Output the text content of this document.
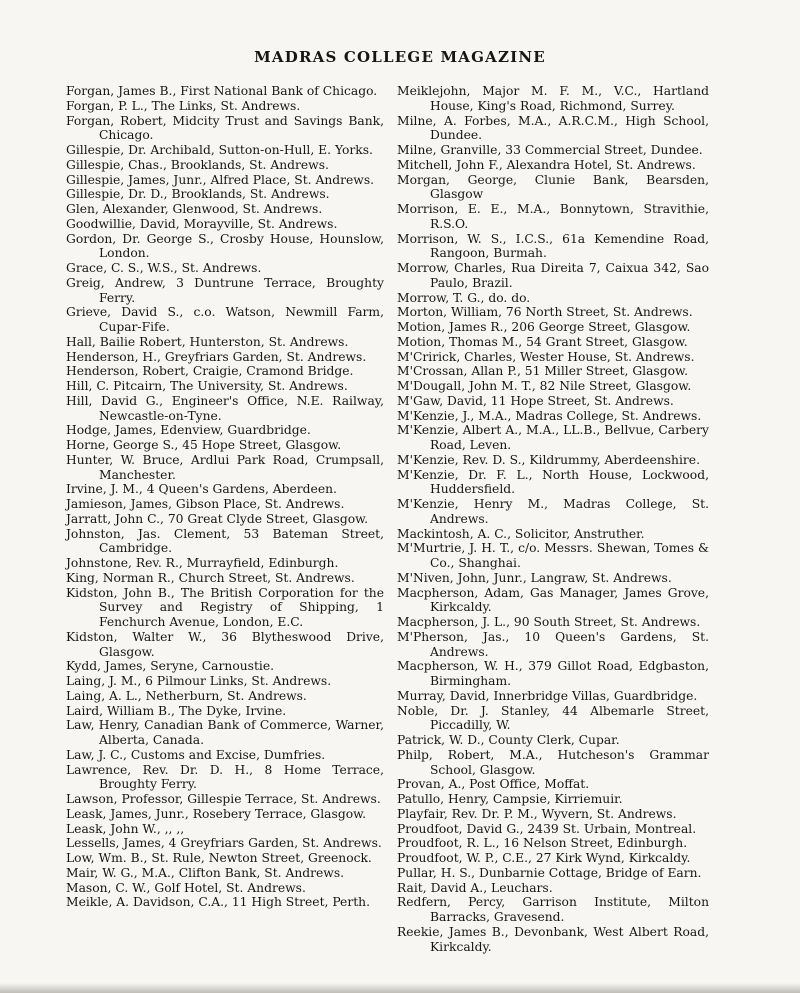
MADRAS COLLEGE MAGAZINE

Forgan, James B., First National Bank of Chicago.

Forgan, P. L., The Links, St. Andrews.

Forgan, Robert, Midcity Trust and Savings Bank, Chicago.

Gillespie, Dr. Archibald, Sutton-on-Hull, E. Yorks.

Gillespie, Chas., Brooklands, St. Andrews.

Gillespie, James, Junr., Alfred Place, St. Andrews.

Gillespie, Dr. D., Brooklands, St. Andrews.

Glen, Alexander, Glenwood, St. Andrews.

Goodwillie, David, Morayville, St. Andrews.

Gordon, Dr. George S., Crosby House, Hounslow, London.

Grace, C. S., W.S., St. Andrews.

Greig, Andrew, 3 Duntrune Terrace, Broughty Ferry.

Grieve, David S., c.o. Watson, Newmill Farm, Cupar-Fife.

Hall, Bailie Robert, Hunterston, St. Andrews.

Henderson, H., Greyfriars Garden, St. Andrews.

Henderson, Robert, Craigie, Cramond Bridge.

Hill, C. Pitcairn, The University, St. Andrews.

Hill, David G., Engineer's Office, N.E. Railway, Newcastle-on-Tyne.

Hodge, James, Edenview, Guardbridge.

Horne, George S., 45 Hope Street, Glasgow.

Hunter, W. Bruce, Ardlui Park Road, Crumpsall, Manchester.

Irvine, J. M., 4 Queen's Gardens, Aberdeen.

Jamieson, James, Gibson Place, St. Andrews.

Jarratt, John C., 70 Great Clyde Street, Glasgow.

Johnston, Jas. Clement, 53 Bateman Street, Cambridge.

Johnstone, Rev. R., Murrayfield, Edinburgh.

King, Norman R., Church Street, St. Andrews.

Kidston, John B., The British Corporation for the Survey and Registry of Shipping, 1 Fenchurch Avenue, London, E.C.

Kidston, Walter W., 36 Blytheswood Drive, Glasgow.

Kydd, James, Seryne, Carnoustie.

Laing, J. M., 6 Pilmour Links, St. Andrews.

Laing, A. L., Netherburn, St. Andrews.

Laird, William B., The Dyke, Irvine.

Law, Henry, Canadian Bank of Commerce, Warner, Alberta, Canada.

Law, J. C., Customs and Excise, Dumfries.

Lawrence, Rev. Dr. D. H., 8 Home Terrace, Broughty Ferry.

Lawson, Professor, Gillespie Terrace, St. Andrews.

Leask, James, Junr., Rosebery Terrace, Glasgow.

Leask, John W., ,, ,,

Lessells, James, 4 Greyfriars Garden, St. Andrews.

Low, Wm. B., St. Rule, Newton Street, Greenock.

Mair, W. G., M.A., Clifton Bank, St. Andrews.

Mason, C. W., Golf Hotel, St. Andrews.

Meikle, A. Davidson, C.A., 11 High Street, Perth.

Meiklejohn, Major M. F. M., V.C., Hartland House, King's Road, Richmond, Surrey.

Milne, A. Forbes, M.A., A.R.C.M., High School, Dundee.

Milne, Granville, 33 Commercial Street, Dundee.

Mitchell, John F., Alexandra Hotel, St. Andrews.

Morgan, George, Clunie Bank, Bearsden, Glasgow

Morrison, E. E., M.A., Bonnytown, Stravithie, R.S.O.

Morrison, W. S., I.C.S., 61a Kemendine Road, Rangoon, Burmah.

Morrow, Charles, Rua Direita 7, Caixua 342, Sao Paulo, Brazil.

Morrow, T. G., do. do.

Morton, William, 76 North Street, St. Andrews.

Motion, James R., 206 George Street, Glasgow.

Motion, Thomas M., 54 Grant Street, Glasgow.

M'Cririck, Charles, Wester House, St. Andrews.

M'Crossan, Allan P., 51 Miller Street, Glasgow.

M'Dougall, John M. T., 82 Nile Street, Glasgow.

M'Gaw, David, 11 Hope Street, St. Andrews.

M'Kenzie, J., M.A., Madras College, St. Andrews.

M'Kenzie, Albert A., M.A., LL.B., Bellvue, Carbery Road, Leven.

M'Kenzie, Rev. D. S., Kildrummy, Aberdeenshire.

M'Kenzie, Dr. F. L., North House, Lockwood, Huddersfield.

M'Kenzie, Henry M., Madras College, St. Andrews.

Mackintosh, A. C., Solicitor, Anstruther.

M'Murtrie, J. H. T., c/o. Messrs. Shewan, Tomes & Co., Shanghai.

M'Niven, John, Junr., Langraw, St. Andrews.

Macpherson, Adam, Gas Manager, James Grove, Kirkcaldy.

Macpherson, J. L., 90 South Street, St. Andrews.

M'Pherson, Jas., 10 Queen's Gardens, St. Andrews.

Macpherson, W. H., 379 Gillot Road, Edgbaston, Birmingham.

Murray, David, Innerbridge Villas, Guardbridge.

Noble, Dr. J. Stanley, 44 Albemarle Street, Piccadilly, W.

Patrick, W. D., County Clerk, Cupar.

Philp, Robert, M.A., Hutcheson's Grammar School, Glasgow.

Provan, A., Post Office, Moffat.

Patullo, Henry, Campsie, Kirriemuir.

Playfair, Rev. Dr. P. M., Wyvern, St. Andrews.

Proudfoot, David G., 2439 St. Urbain, Montreal.

Proudfoot, R. L., 16 Nelson Street, Edinburgh.

Proudfoot, W. P., C.E., 27 Kirk Wynd, Kirkcaldy.

Pullar, H. S., Dunbarnie Cottage, Bridge of Earn.

Rait, David A., Leuchars.

Redfern, Percy, Garrison Institute, Milton Barracks, Gravesend.

Reekie, James B., Devonbank, West Albert Road, Kirkcaldy.
